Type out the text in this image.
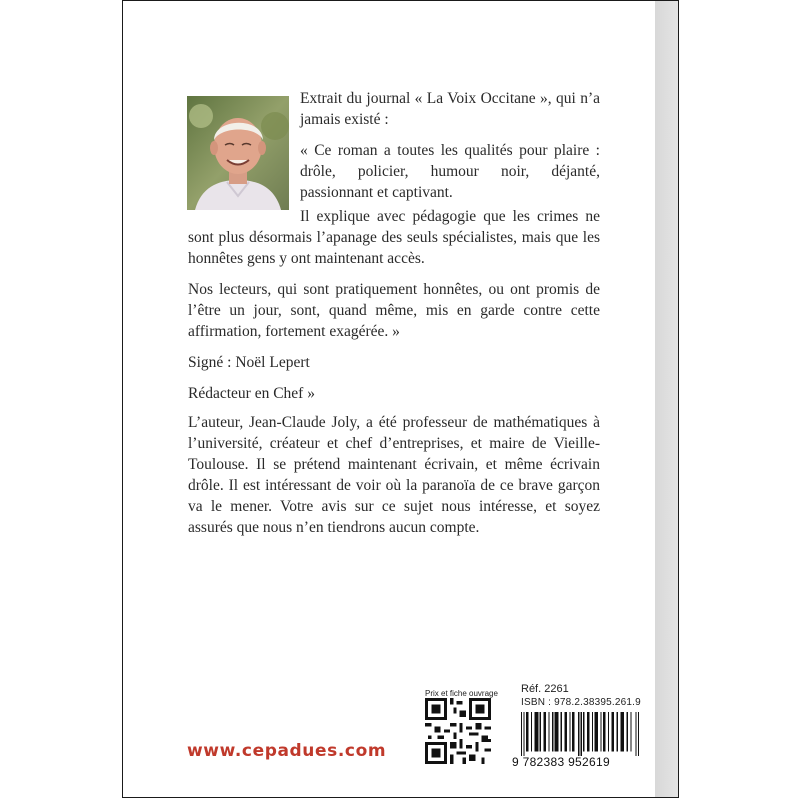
Extrait du journal « La Voix Occitane », qui n’a jamais existé :

« Ce roman a toutes les qualités pour plaire : drôle, policier, humour noir, déjanté, passionnant et captivant.

Il explique avec pédagogie que les crimes ne sont plus désormais l’apanage des seuls spécialistes, mais que les honnêtes gens y ont maintenant accès.

Nos lecteurs, qui sont pratiquement honnêtes, ou ont promis de l’être un jour, sont, quand même, mis en garde contre cette affirmation, fortement exagérée. »

Signé : Noël Lepert

Rédacteur en Chef »

L’auteur, Jean-Claude Joly, a été professeur de mathématiques à l’université, créateur et chef d’entreprises, et maire de Vieille-Toulouse. Il se prétend maintenant écrivain, et même écrivain drôle. Il est intéressant de voir où la paranoïa de ce brave garçon va le mener. Votre avis sur ce sujet nous intéresse, et soyez assurés que nous n’en tiendrons aucun compte.

www.cepadues.com
Prix et fiche ouvrage Réf. 2261
ISBN : 978.2.38395.261.9
9 782383 952619
